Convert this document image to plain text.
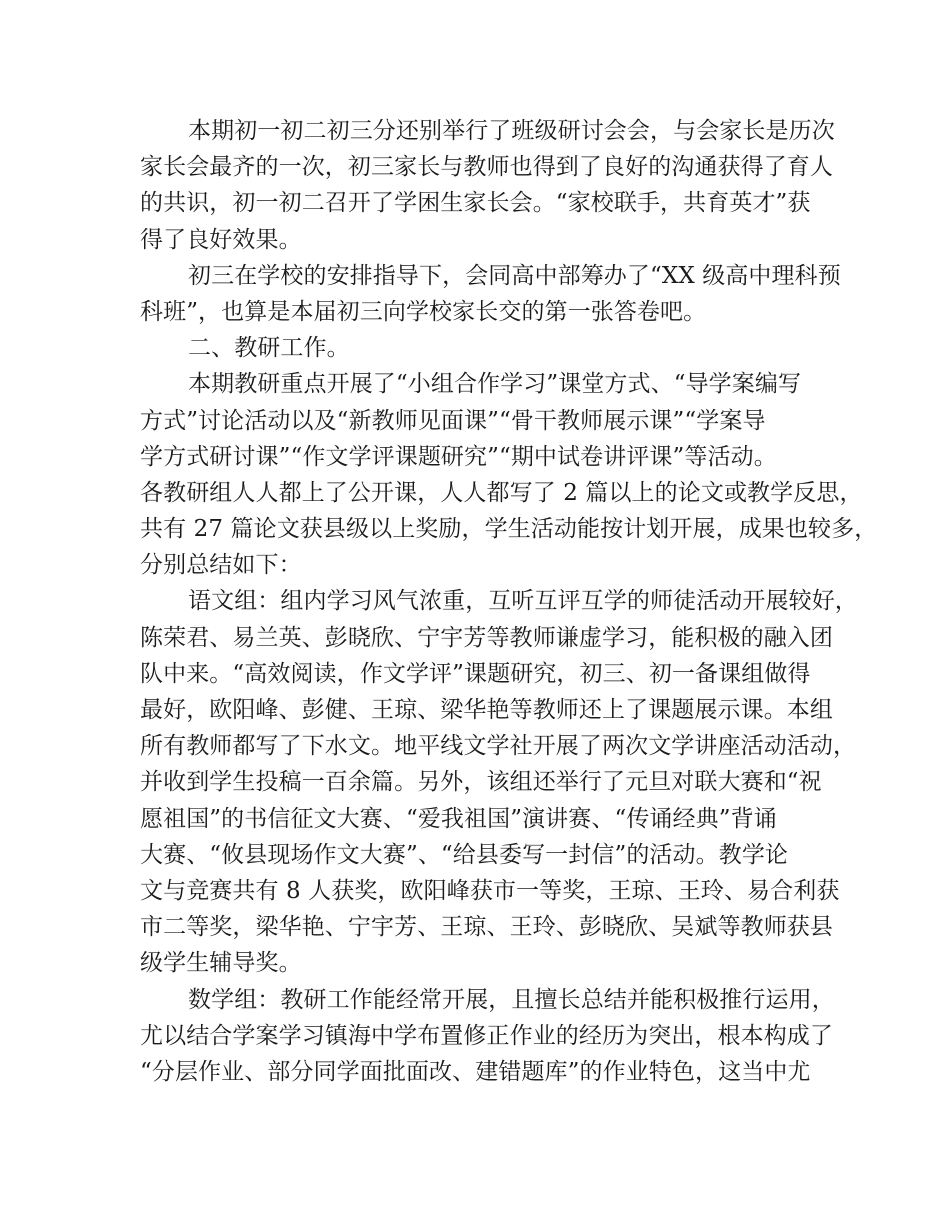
本期初一初二初三分还别举行了班级研讨会会，与会家长是历次
家长会最齐的一次，初三家长与教师也得到了良好的沟通获得了育人
的共识，初一初二召开了学困生家长会。“家校联手，共育英才”获
得了良好效果。
初三在学校的安排指导下，会同高中部筹办了“XX 级高中理科预
科班”，也算是本届初三向学校家长交的第一张答卷吧。
二、教研工作。
本期教研重点开展了“小组合作学习”课堂方式、“导学案编写
方式”讨论活动以及“新教师见面课”“骨干教师展示课”“学案导
学方式研讨课”“作文学评课题研究”“期中试卷讲评课”等活动。
各教研组人人都上了公开课，人人都写了 2 篇以上的论文或教学反思，
共有 27 篇论文获县级以上奖励，学生活动能按计划开展，成果也较多，
分别总结如下：
语文组：组内学习风气浓重，互听互评互学的师徒活动开展较好，
陈荣君、易兰英、彭晓欣、宁宇芳等教师谦虚学习，能积极的融入团
队中来。“高效阅读，作文学评”课题研究，初三、初一备课组做得
最好，欧阳峰、彭健、王琼、梁华艳等教师还上了课题展示课。本组
所有教师都写了下水文。地平线文学社开展了两次文学讲座活动活动，
并收到学生投稿一百余篇。另外，该组还举行了元旦对联大赛和“祝
愿祖国”的书信征文大赛、“爱我祖国”演讲赛、“传诵经典”背诵
大赛、“攸县现场作文大赛”、“给县委写一封信”的活动。教学论
文与竞赛共有 8 人获奖，欧阳峰获市一等奖，王琼、王玲、易合利获
市二等奖，梁华艳、宁宇芳、王琼、王玲、彭晓欣、吴斌等教师获县
级学生辅导奖。
数学组：教研工作能经常开展，且擅长总结并能积极推行运用，
尤以结合学案学习镇海中学布置修正作业的经历为突出，根本构成了
“分层作业、部分同学面批面改、建错题库”的作业特色，这当中尤
